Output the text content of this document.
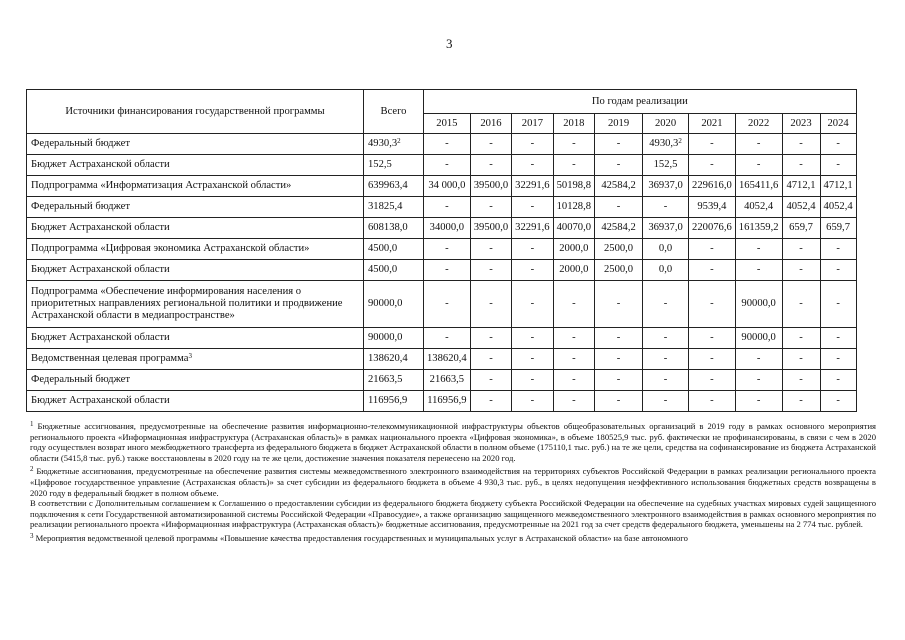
3
Источники финансирования государственной программы	Всего	По годам реализации									
		2015	2016	2017	2018	2019	2020	2021	2022	2023	2024
Федеральный бюджет	4930,3$^2$	-	-	-	-	-	4930,3$^2$	-	-	-	-
Бюджет Астраханской области	152,5	-	-	-	-	-	152,5	-	-	-	-
Подпрограмма «Информатизация Астраханской области»	639963,4	34 000,0	39500,0	32291,6	50198,8	42584,2	36937,0	229616,0	165411,6	4712,1	4712,1
Федеральный бюджет	31825,4	-	-	-	10128,8	-	-	9539,4	4052,4	4052,4	4052,4
Бюджет Астраханской области	608138,0	34000,0	39500,0	32291,6	40070,0	42584,2	36937,0	220076,6	161359,2	659,7	659,7
Подпрограмма «Цифровая экономика Астраханской области»	4500,0	-	-	-	2000,0	2500,0	0,0	-	-	-	-
Бюджет Астраханской области	4500,0	-	-	-	2000,0	2500,0	0,0	-	-	-	-
Подпрограмма «Обеспечение информирования населения о приоритетных направлениях региональной политики и продвижение Астраханской области в медиапространстве»	90000,0	-	-	-	-	-	-	-	90000,0	-	-
Бюджет Астраханской области	90000,0	-	-	-	-	-	-	-	90000,0	-	-
Ведомственная целевая программа$^3$	138620,4	138620,4	-	-	-	-	-	-	-	-	-
Федеральный бюджет	21663,5	21663,5	-	-	-	-	-	-	-	-	-
Бюджет Астраханской области	116956,9	116956,9	-	-	-	-	-	-	-	-	-

$^1$ Бюджетные ассигнования, предусмотренные на обеспечение развития информационно-телекоммуникационной инфраструктуры объектов общеобразовательных организаций в 2019 году в рамках основного мероприятия регионального проекта «Информационная инфраструктура (Астраханская область)» в рамках национального проекта «Цифровая экономика», в объеме 180525,9 тыс. руб. фактически не профинансированы, в связи с чем в 2020 году осуществлен возврат иного межбюджетного трансферта из федерального бюджета в бюджет Астраханской области в полном объеме (175110,1 тыс. руб.) на те же цели, средства на софинансирование из бюджета Астраханской области (5415,8 тыс. руб.) также восстановлены в 2020 году на те же цели, достижение значения показателя перенесено на 2020 год.

$^2$ Бюджетные ассигнования, предусмотренные на обеспечение развития системы межведомственного электронного взаимодействия на территориях субъектов Российской Федерации в рамках реализации регионального проекта «Цифровое государственное управление (Астраханская область)» за счет субсидии из федерального бюджета в объеме 4 930,3 тыс. руб., в целях недопущения неэффективного использования бюджетных средств возвращены в 2020 году в федеральный бюджет в полном объеме.

В соответствии с Дополнительным соглашением к Соглашению о предоставлении субсидии из федерального бюджета бюджету субъекта Российской Федерации на обеспечение на судебных участках мировых судей защищенного подключения к сети Государственной автоматизированной системы Российской Федерации «Правосудие», а также организацию защищенного межведомственного электронного взаимодействия в рамках основного мероприятия по реализации регионального проекта «Информационная инфраструктура (Астраханская область)» бюджетные ассигнования, предусмотренные на 2021 год за счет средств федерального бюджета, уменьшены на 2 774 тыс. рублей.

$^3$ Мероприятия ведомственной целевой программы «Повышение качества предоставления государственных и муниципальных услуг в Астраханской области» на базе автономного
